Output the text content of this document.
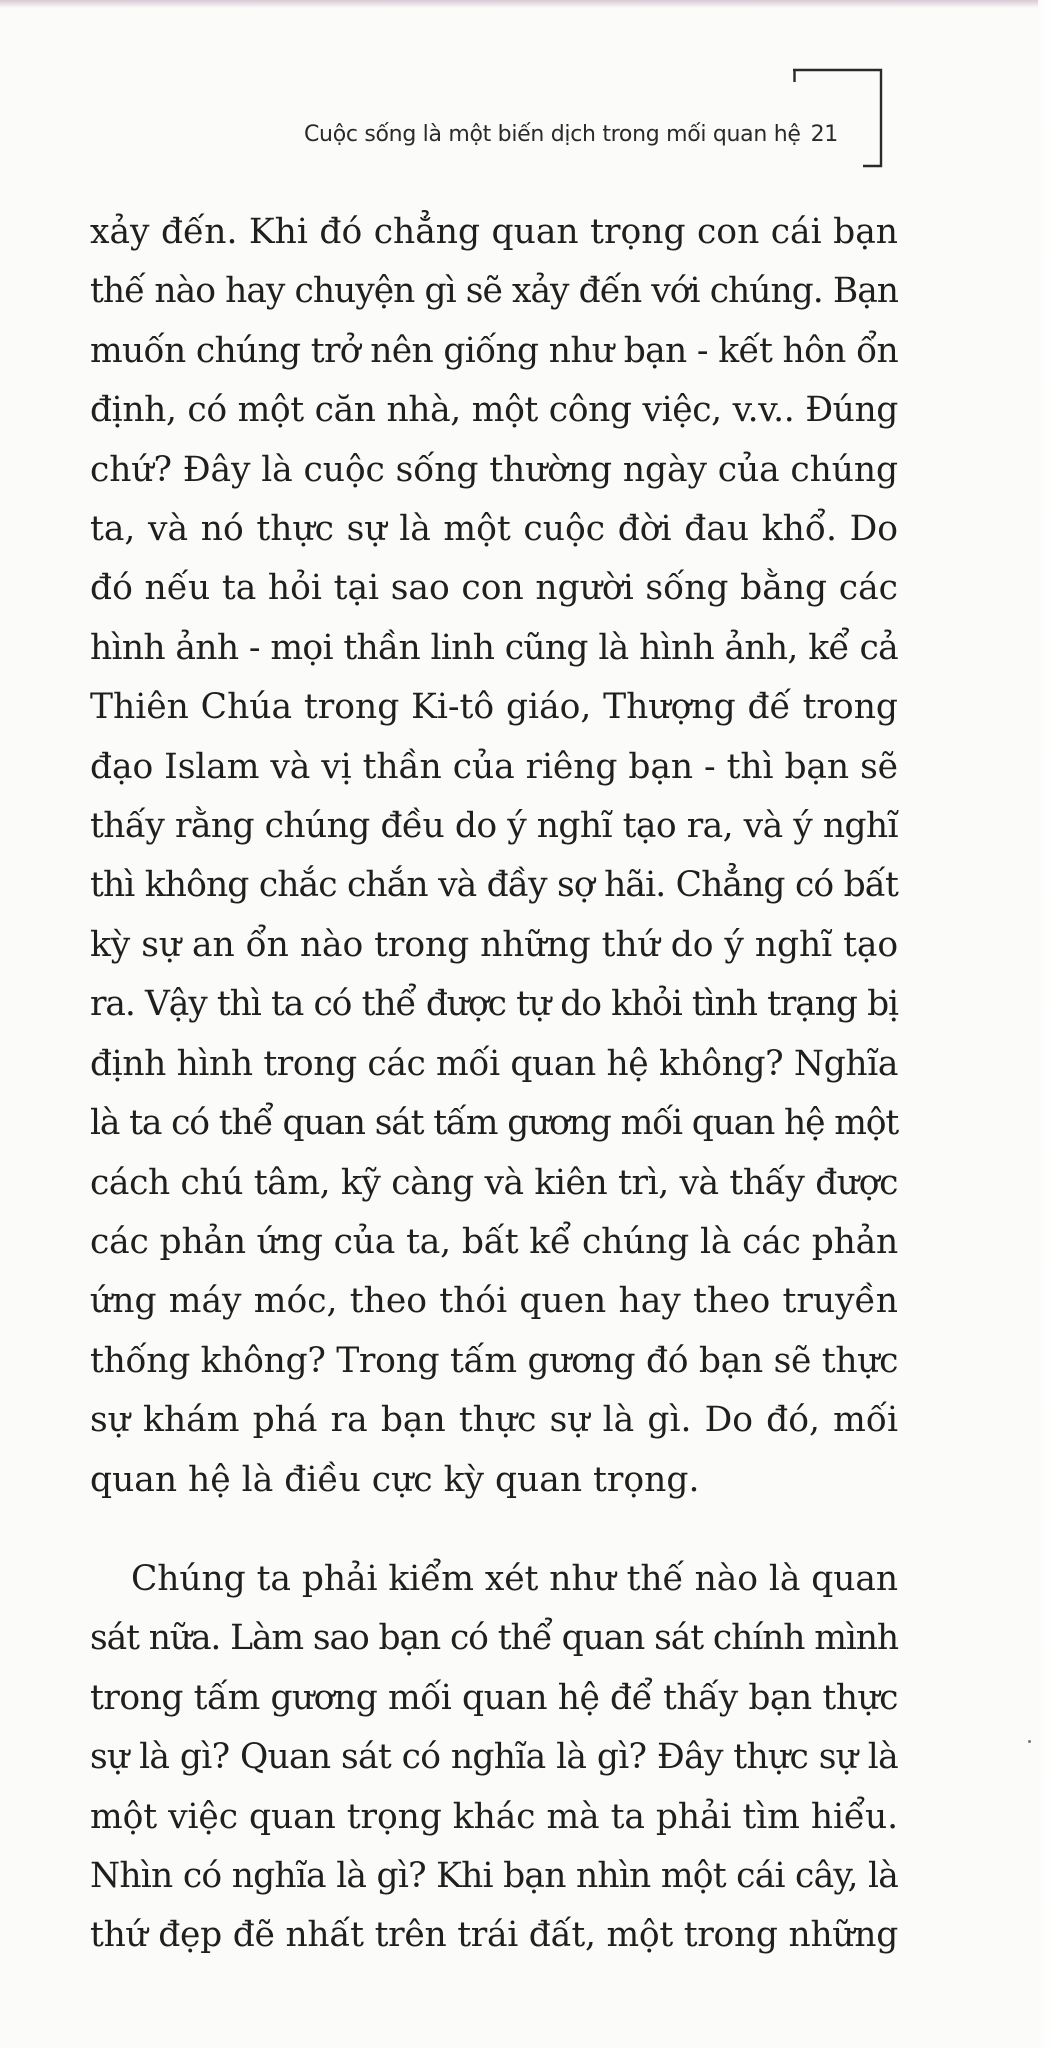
Cuộc sống là một biến dịch trong mối quan hệ 21

xảy đến. Khi đó chẳng quan trọng con cái bạn
thế nào hay chuyện gì sẽ xảy đến với chúng. Bạn
muốn chúng trở nên giống như bạn - kết hôn ổn
định, có một căn nhà, một công việc, v.v.. Đúng
chứ? Đây là cuộc sống thường ngày của chúng
ta, và nó thực sự là một cuộc đời đau khổ. Do
đó nếu ta hỏi tại sao con người sống bằng các
hình ảnh - mọi thần linh cũng là hình ảnh, kể cả
Thiên Chúa trong Ki-tô giáo, Thượng đế trong
đạo Islam và vị thần của riêng bạn - thì bạn sẽ
thấy rằng chúng đều do ý nghĩ tạo ra, và ý nghĩ
thì không chắc chắn và đầy sợ hãi. Chẳng có bất
kỳ sự an ổn nào trong những thứ do ý nghĩ tạo
ra. Vậy thì ta có thể được tự do khỏi tình trạng bị
định hình trong các mối quan hệ không? Nghĩa
là ta có thể quan sát tấm gương mối quan hệ một
cách chú tâm, kỹ càng và kiên trì, và thấy được
các phản ứng của ta, bất kể chúng là các phản
ứng máy móc, theo thói quen hay theo truyền
thống không? Trong tấm gương đó bạn sẽ thực
sự khám phá ra bạn thực sự là gì. Do đó, mối
quan hệ là điều cực kỳ quan trọng.

Chúng ta phải kiểm xét như thế nào là quan
sát nữa. Làm sao bạn có thể quan sát chính mình
trong tấm gương mối quan hệ để thấy bạn thực
sự là gì? Quan sát có nghĩa là gì? Đây thực sự là
một việc quan trọng khác mà ta phải tìm hiểu.
Nhìn có nghĩa là gì? Khi bạn nhìn một cái cây, là
thứ đẹp đẽ nhất trên trái đất, một trong những
